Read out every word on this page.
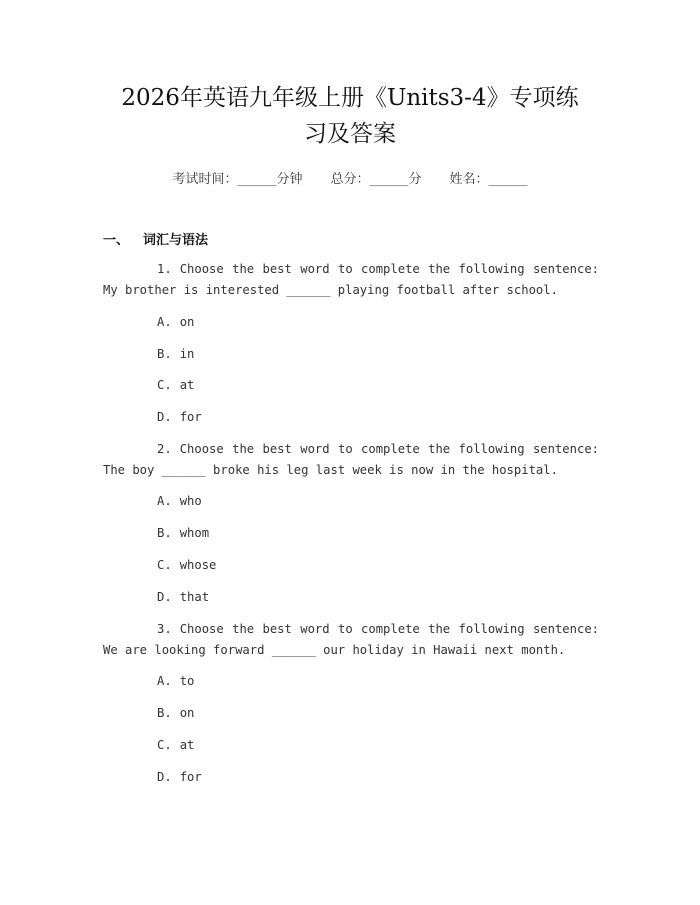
2026年英语九年级上册《Units3-4》专项练
习及答案
考试时间：______分钟 总分：______分 姓名：______
一、 词汇与语法
1. Choose the best word to complete the following sentence: My brother is interested ______ playing football after school.
A. on
B. in
C. at
D. for
2. Choose the best word to complete the following sentence: The boy ______ broke his leg last week is now in the hospital.
A. who
B. whom
C. whose
D. that
3. Choose the best word to complete the following sentence: We are looking forward ______ our holiday in Hawaii next month.
A. to
B. on
C. at
D. for
